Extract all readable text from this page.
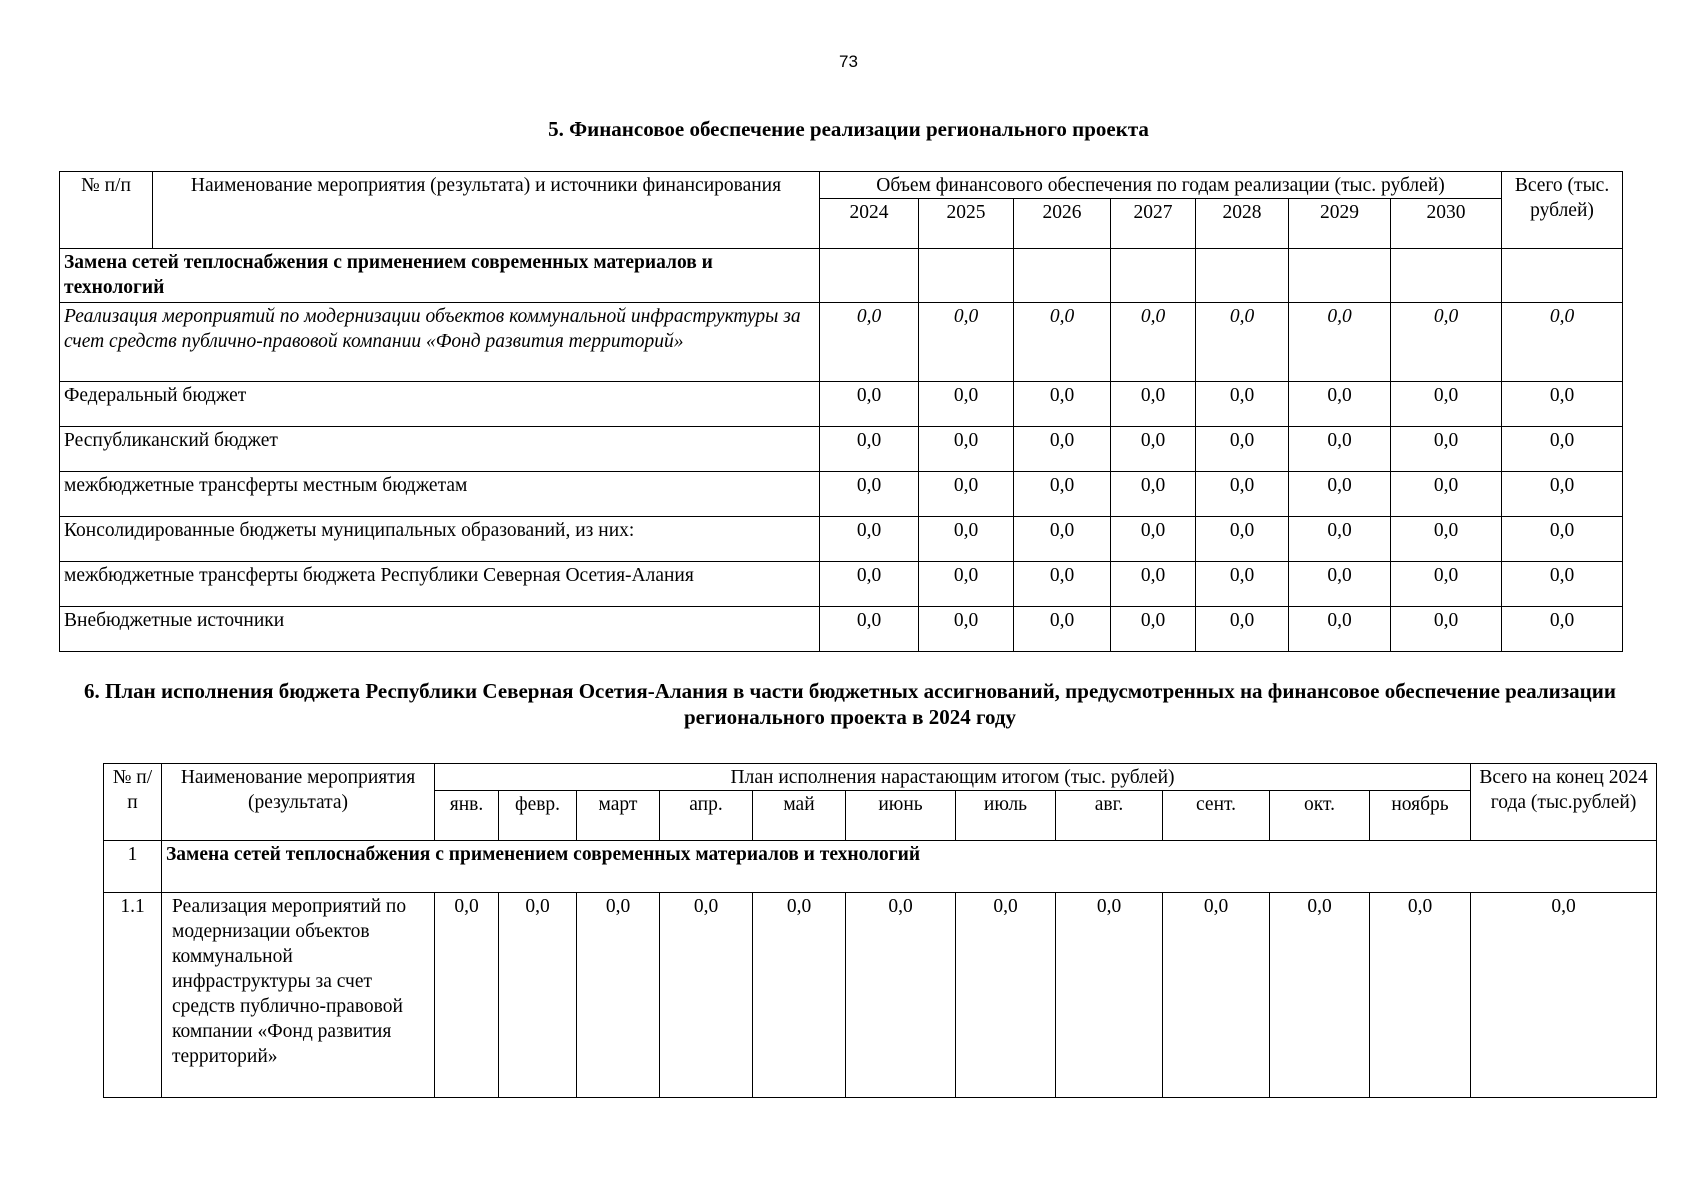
73
5. Финансовое обеспечение реализации регионального проекта
№ п/п	Наименование мероприятия (результата) и источники финансирования	Объем финансового обеспечения по годам реализации (тыс. рублей)							Всего (тыс. рублей)
		2024	2025	2026	2027	2028	2029	2030	
Замена сетей теплоснабжения с применением современных материалов и технологий									
Реализация мероприятий по модернизации объектов коммунальной инфраструктуры за счет средств публично-правовой компании «Фонд развития территорий»		0,0	0,0	0,0	0,0	0,0	0,0	0,0	0,0
Федеральный бюджет		0,0	0,0	0,0	0,0	0,0	0,0	0,0	0,0
Республиканский бюджет		0,0	0,0	0,0	0,0	0,0	0,0	0,0	0,0
межбюджетные трансферты местным бюджетам		0,0	0,0	0,0	0,0	0,0	0,0	0,0	0,0
Консолидированные бюджеты муниципальных образований, из них:		0,0	0,0	0,0	0,0	0,0	0,0	0,0	0,0
межбюджетные трансферты бюджета Республики Северная Осетия-Алания		0,0	0,0	0,0	0,0	0,0	0,0	0,0	0,0
Внебюджетные источники		0,0	0,0	0,0	0,0	0,0	0,0	0,0	0,0
6. План исполнения бюджета Республики Северная Осетия-Алания в части бюджетных ассигнований, предусмотренных на финансовое обеспечение реализации регионального проекта в 2024 году
№ п/п	Наименование мероприятия (результата)	План исполнения нарастающим итогом (тыс. рублей)											Всего на конец 2024 года (тыс.рублей)
		янв.	февр.	март	апр.	май	июнь	июль	авг.	сент.	окт.	ноябрь	
1	Замена сетей теплоснабжения с применением современных материалов и технологий												
1.1	Реализация мероприятий по модернизации объектов коммунальной инфраструктуры за счет средств публично-правовой компании «Фонд развития территорий»	0,0	0,0	0,0	0,0	0,0	0,0	0,0	0,0	0,0	0,0	0,0	0,0
